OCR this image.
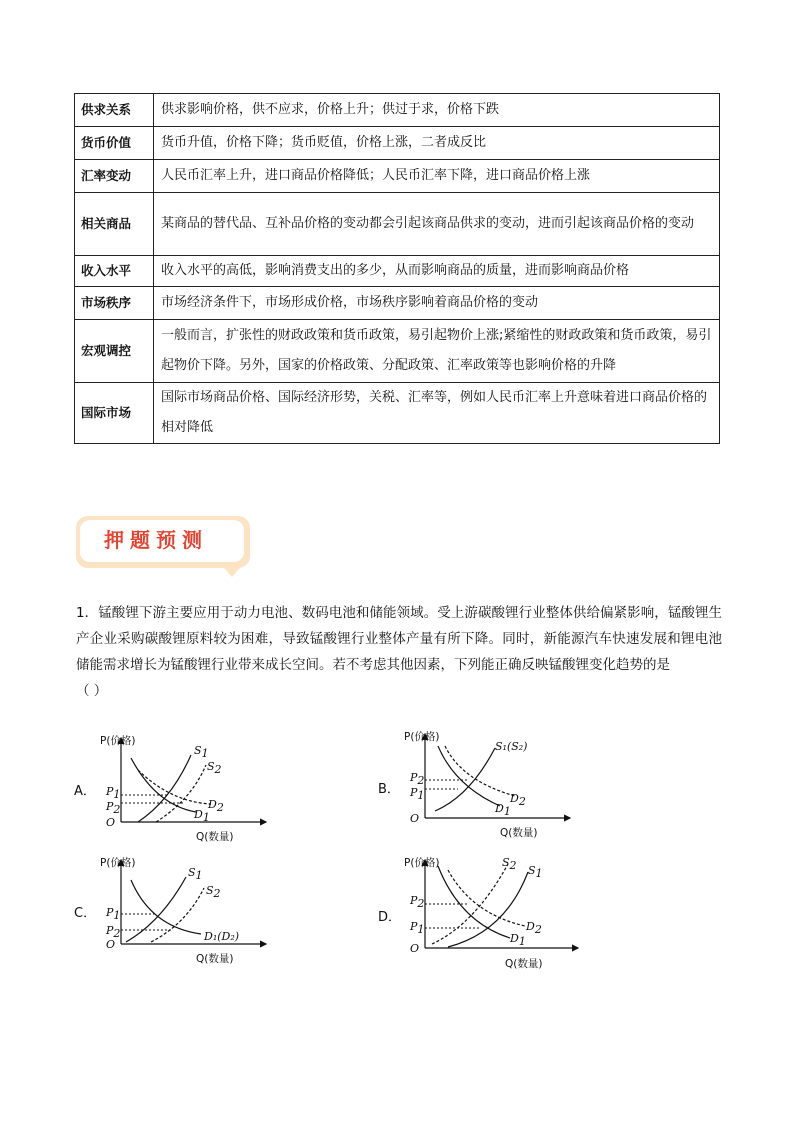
供求关系	供求影响价格，供不应求，价格上升；供过于求，价格下跌
货币价值	货币升值，价格下降；货币贬值，价格上涨，二者成反比
汇率变动	人民币汇率上升，进口商品价格降低；人民币汇率下降，进口商品价格上涨
相关商品	某商品的替代品、互补品价格的变动都会引起该商品供求的变动，进而引起该商品价格的变动
收入水平	收入水平的高低，影响消费支出的多少，从而影响商品的质量，进而影响商品价格
市场秩序	市场经济条件下，市场形成价格，市场秩序影响着商品价格的变动
宏观调控	一般而言，扩张性的财政政策和货币政策，易引起物价上涨;紧缩性的财政政策和货币政策，易引起物价下降。另外，国家的价格政策、分配政策、汇率政策等也影响价格的升降
国际市场	国际市场商品价格、国际经济形势，关税、汇率等，例如人民币汇率上升意味着进口商品价格的相对降低
押题预测
1．锰酸锂下游主要应用于动力电池、数码电池和储能领域。受上游碳酸锂行业整体供给偏紧影响，锰酸锂生产企业采购碳酸锂原料较为困难，导致锰酸锂行业整体产量有所下降。同时，新能源汽车快速发展和锂电池储能需求增长为锰酸锂行业带来成长空间。若不考虑其他因素，下列能正确反映锰酸锂变化趋势的是
（ ）
A．
P(价格)
Q(数量)
O
P1
P2
S1
S2
D2
D1
B．
P(价格)
Q(数量)
O
P2
P1
S₁(S₂)
D2
D1
C．
P(价格)
Q(数量)
O
P1
P2
S1
S2
D₁(D₂)
D．
P(价格)
Q(数量)
O
P2
P1
S2 S1
D2
D1
